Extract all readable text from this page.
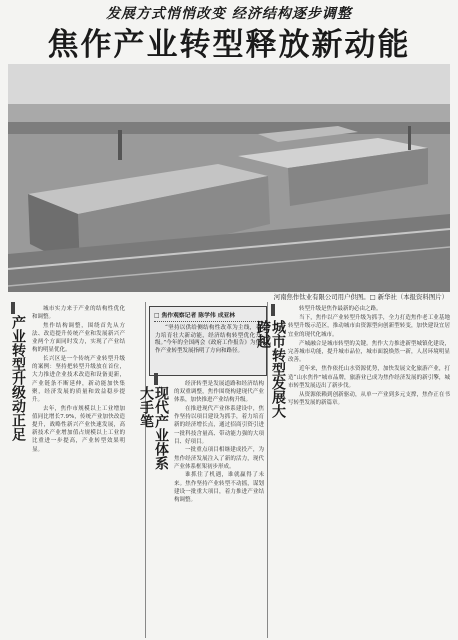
发展方式悄悄改变 经济结构逐步调整
焦作产业转型释放新动能
河南焦作钛业有限公司用户供图。□ 新华社（本报资料图片）
产业转型升级动正足

城市实力来于产业的结构性优化和调整。

焦作结构调整，围绕首先从方法、改造提升传统产业和发展新兴产业两个方面同时发力，实现了产业结构的明显优化。

长兴区是一个传统产业转型升级的案例：坚持把转型升级放在首位，大力推进企业技术改造和设备更新，产业链条不断延伸，新动能加快集聚，经济发展的质量和效益稳步提升。

去年，焦作市规模以上工业增加值同比增长7.9%，传统产业加快改造提升，战略性新兴产业快速发展，高新技术产业增加值占规模以上工业的比重进一步提高，产业转型效果明显。

□ 焦作观察记者 陈学伟 成亚林
“坚持以供给侧结构性改革为主线，着力培育壮大新动能，经济结构转型优化升级。”今年的全国两会《政府工作报告》为焦作产业转型发展指明了方向和路径。
现代产业体系大手笔

经济转型是发展道路和经济结构的双重调整，焦作围绕构建现代产业体系，加快推进产业结构升级。

在推进现代产业体系建设中，焦作坚持以项目建设为抓手，着力培育新的经济增长点，通过招商引资引进一批科技含量高、带动能力强的大项目、好项目。

一批重点项目相继建成投产，为焦作经济发展注入了新的活力，现代产业体系框架初步形成。

谁抓住了机遇，谁就赢得了未来。焦作坚持产业转型不动摇，谋划建设一批重大项目，着力推进产业结构调整。

城市转型发展大跨越

转型升级是焦作最新的必由之路。

当下，焦作以产业转型升级为抓手，全力打造焦作老工业基地转型升级示范区，推动城市由资源型向创新型转变，加快建设宜居宜业的现代化城市。

产城融合是城市转型的关键。焦作大力推进新型城镇化建设，完善城市功能，提升城市品位，城市面貌焕然一新，人居环境明显改善。

近年来，焦作依托山水资源优势，加快发展文化旅游产业，打造“山水焦作”城市品牌，旅游业已成为焦作经济发展的新引擎，城市转型发展迈出了新步伐。

从资源依赖到创新驱动，从单一产业到多元支撑，焦作正在书写转型发展的新篇章。
